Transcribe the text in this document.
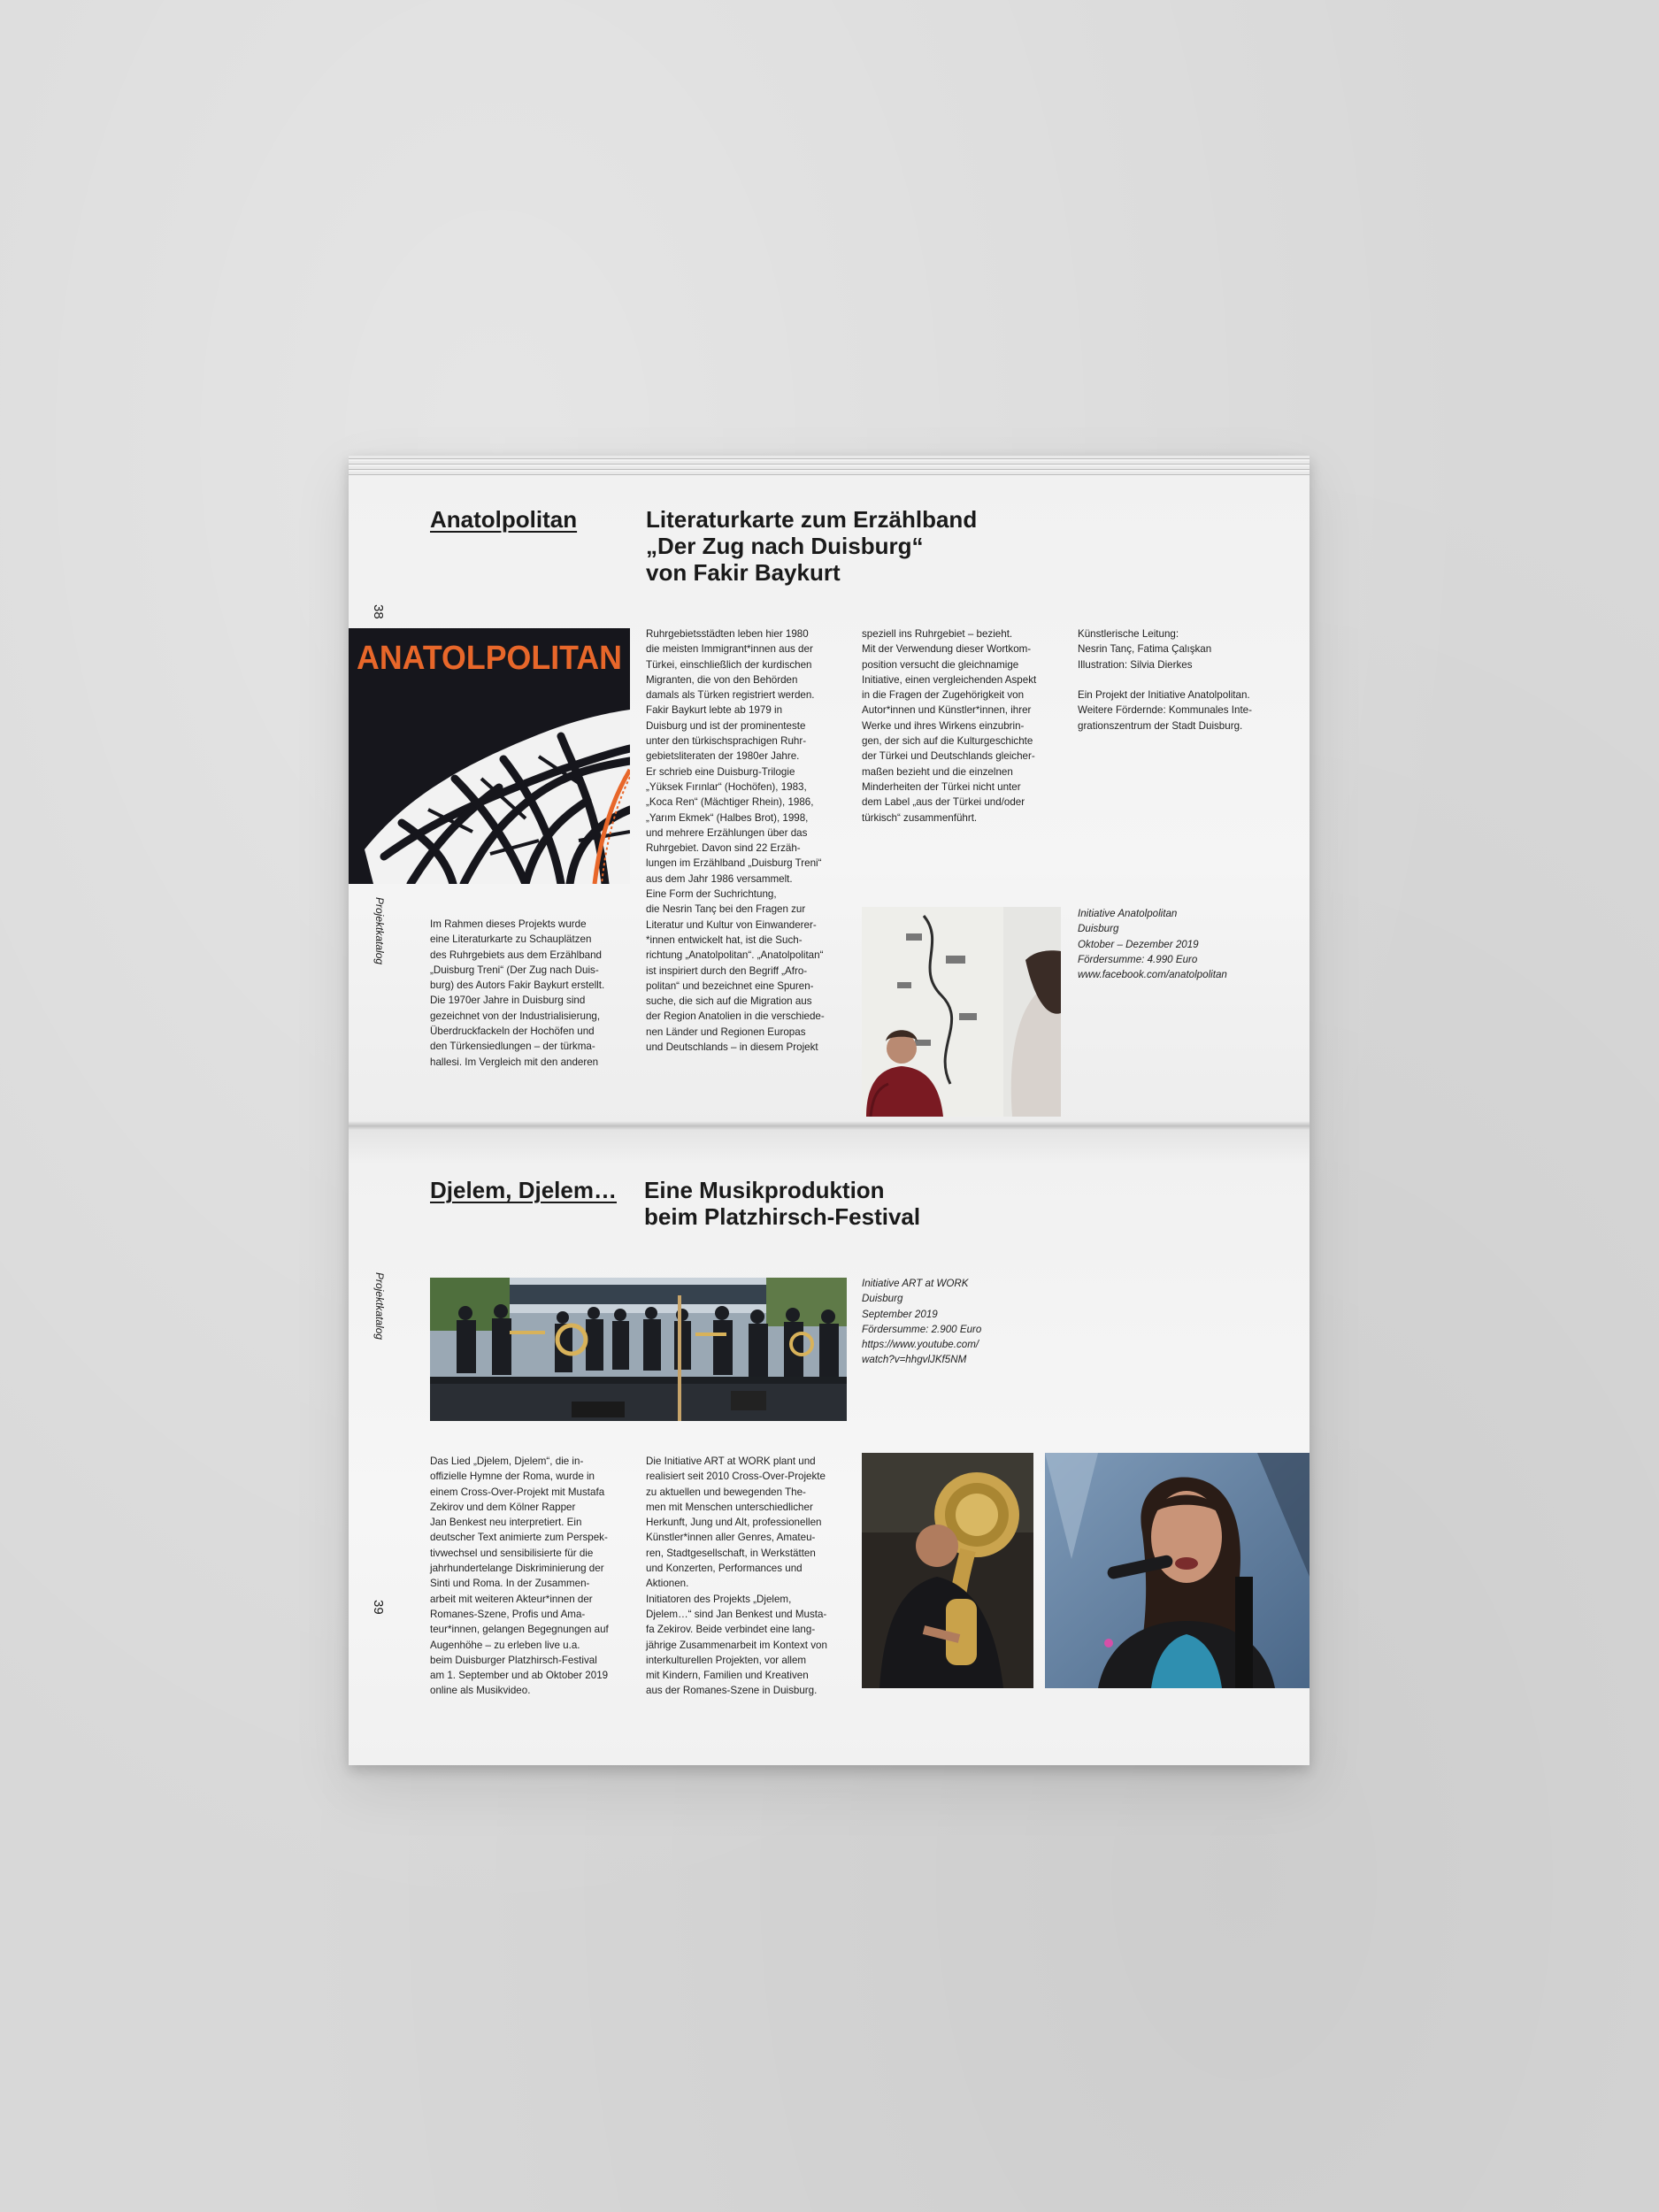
38
Projektkatalog
Anatolpolitan	Literaturkarte zum Erzählband
„Der Zug nach Duisburg“
von Fakir Baykurt
ANATOLPOLITAN
Im Rahmen dieses Projekts wurde
eine Literaturkarte zu Schauplätzen
des Ruhrgebiets aus dem Erzählband
„Duisburg Treni“ (Der Zug nach Duis-
burg) des Autors Fakir Baykurt erstellt.
Die 1970er Jahre in Duisburg sind
gezeichnet von der Industrialisierung,
Überdruckfackeln der Hochöfen und
den Türkensiedlungen – der türkma-
hallesi. Im Vergleich mit den anderen
Ruhrgebietsstädten leben hier 1980
die meisten Immigrant*innen aus der
Türkei, einschließlich der kurdischen
Migranten, die von den Behörden
damals als Türken registriert werden.
Fakir Baykurt lebte ab 1979 in
Duisburg und ist der prominenteste
unter den türkischsprachigen Ruhr-
gebietsliteraten der 1980er Jahre.
Er schrieb eine Duisburg-Trilogie
„Yüksek Fırınlar“ (Hochöfen), 1983,
„Koca Ren“ (Mächtiger Rhein), 1986,
„Yarım Ekmek“ (Halbes Brot), 1998,
und mehrere Erzählungen über das
Ruhrgebiet. Davon sind 22 Erzäh-
lungen im Erzählband „Duisburg Treni“
aus dem Jahr 1986 versammelt.
Eine Form der Suchrichtung,
die Nesrin Tanç bei den Fragen zur
Literatur und Kultur von Einwanderer-
*innen entwickelt hat, ist die Such-
richtung „Anatolpolitan“. „Anatolpolitan“
ist inspiriert durch den Begriff „Afro-
politan“ und bezeichnet eine Spuren-
suche, die sich auf die Migration aus
der Region Anatolien in die verschiede-
nen Länder und Regionen Europas
und Deutschlands – in diesem Projekt
speziell ins Ruhrgebiet – bezieht.
Mit der Verwendung dieser Wortkom-
position versucht die gleichnamige
Initiative, einen vergleichenden Aspekt
in die Fragen der Zugehörigkeit von
Autor*innen und Künstler*innen, ihrer
Werke und ihres Wirkens einzubrin-
gen, der sich auf die Kulturgeschichte
der Türkei und Deutschlands gleicher-
maßen bezieht und die einzelnen
Minderheiten der Türkei nicht unter
dem Label „aus der Türkei und/oder
türkisch“ zusammenführt.
Künstlerische Leitung:
Nesrin Tanç, Fatima Çalışkan
Illustration: Silvia Dierkes

Ein Projekt der Initiative Anatolpolitan.
Weitere Fördernde: Kommunales Inte-
grationszentrum der Stadt Duisburg.
Initiative Anatolpolitan
Duisburg
Oktober – Dezember 2019
Fördersumme: 4.990 Euro
www.facebook.com/anatolpolitan
Projektkatalog
39
Djelem, Djelem… Eine Musikproduktion
beim Platzhirsch-Festival
Initiative ART at WORK
Duisburg
September 2019
Fördersumme: 2.900 Euro
https://www.youtube.com/
watch?v=hhgvlJKf5NM
Das Lied „Djelem, Djelem“, die in-
offizielle Hymne der Roma, wurde in
einem Cross-Over-Projekt mit Mustafa
Zekirov und dem Kölner Rapper
Jan Benkest neu interpretiert. Ein
deutscher Text animierte zum Perspek-
tivwechsel und sensibilisierte für die
jahrhundertelange Diskriminierung der
Sinti und Roma. In der Zusammen-
arbeit mit weiteren Akteur*innen der
Romanes-Szene, Profis und Ama-
teur*innen, gelangen Begegnungen auf
Augenhöhe – zu erleben live u.a.
beim Duisburger Platzhirsch-Festival
am 1. September und ab Oktober 2019
online als Musikvideo.
Die Initiative ART at WORK plant und
realisiert seit 2010 Cross-Over-Projekte
zu aktuellen und bewegenden The-
men mit Menschen unterschiedlicher
Herkunft, Jung und Alt, professionellen
Künstler*innen aller Genres, Amateu-
ren, Stadtgesellschaft, in Werkstätten
und Konzerten, Performances und
Aktionen.
Initiatoren des Projekts „Djelem,
Djelem…“ sind Jan Benkest und Musta-
fa Zekirov. Beide verbindet eine lang-
jährige Zusammenarbeit im Kontext von
interkulturellen Projekten, vor allem
mit Kindern, Familien und Kreativen
aus der Romanes-Szene in Duisburg.
